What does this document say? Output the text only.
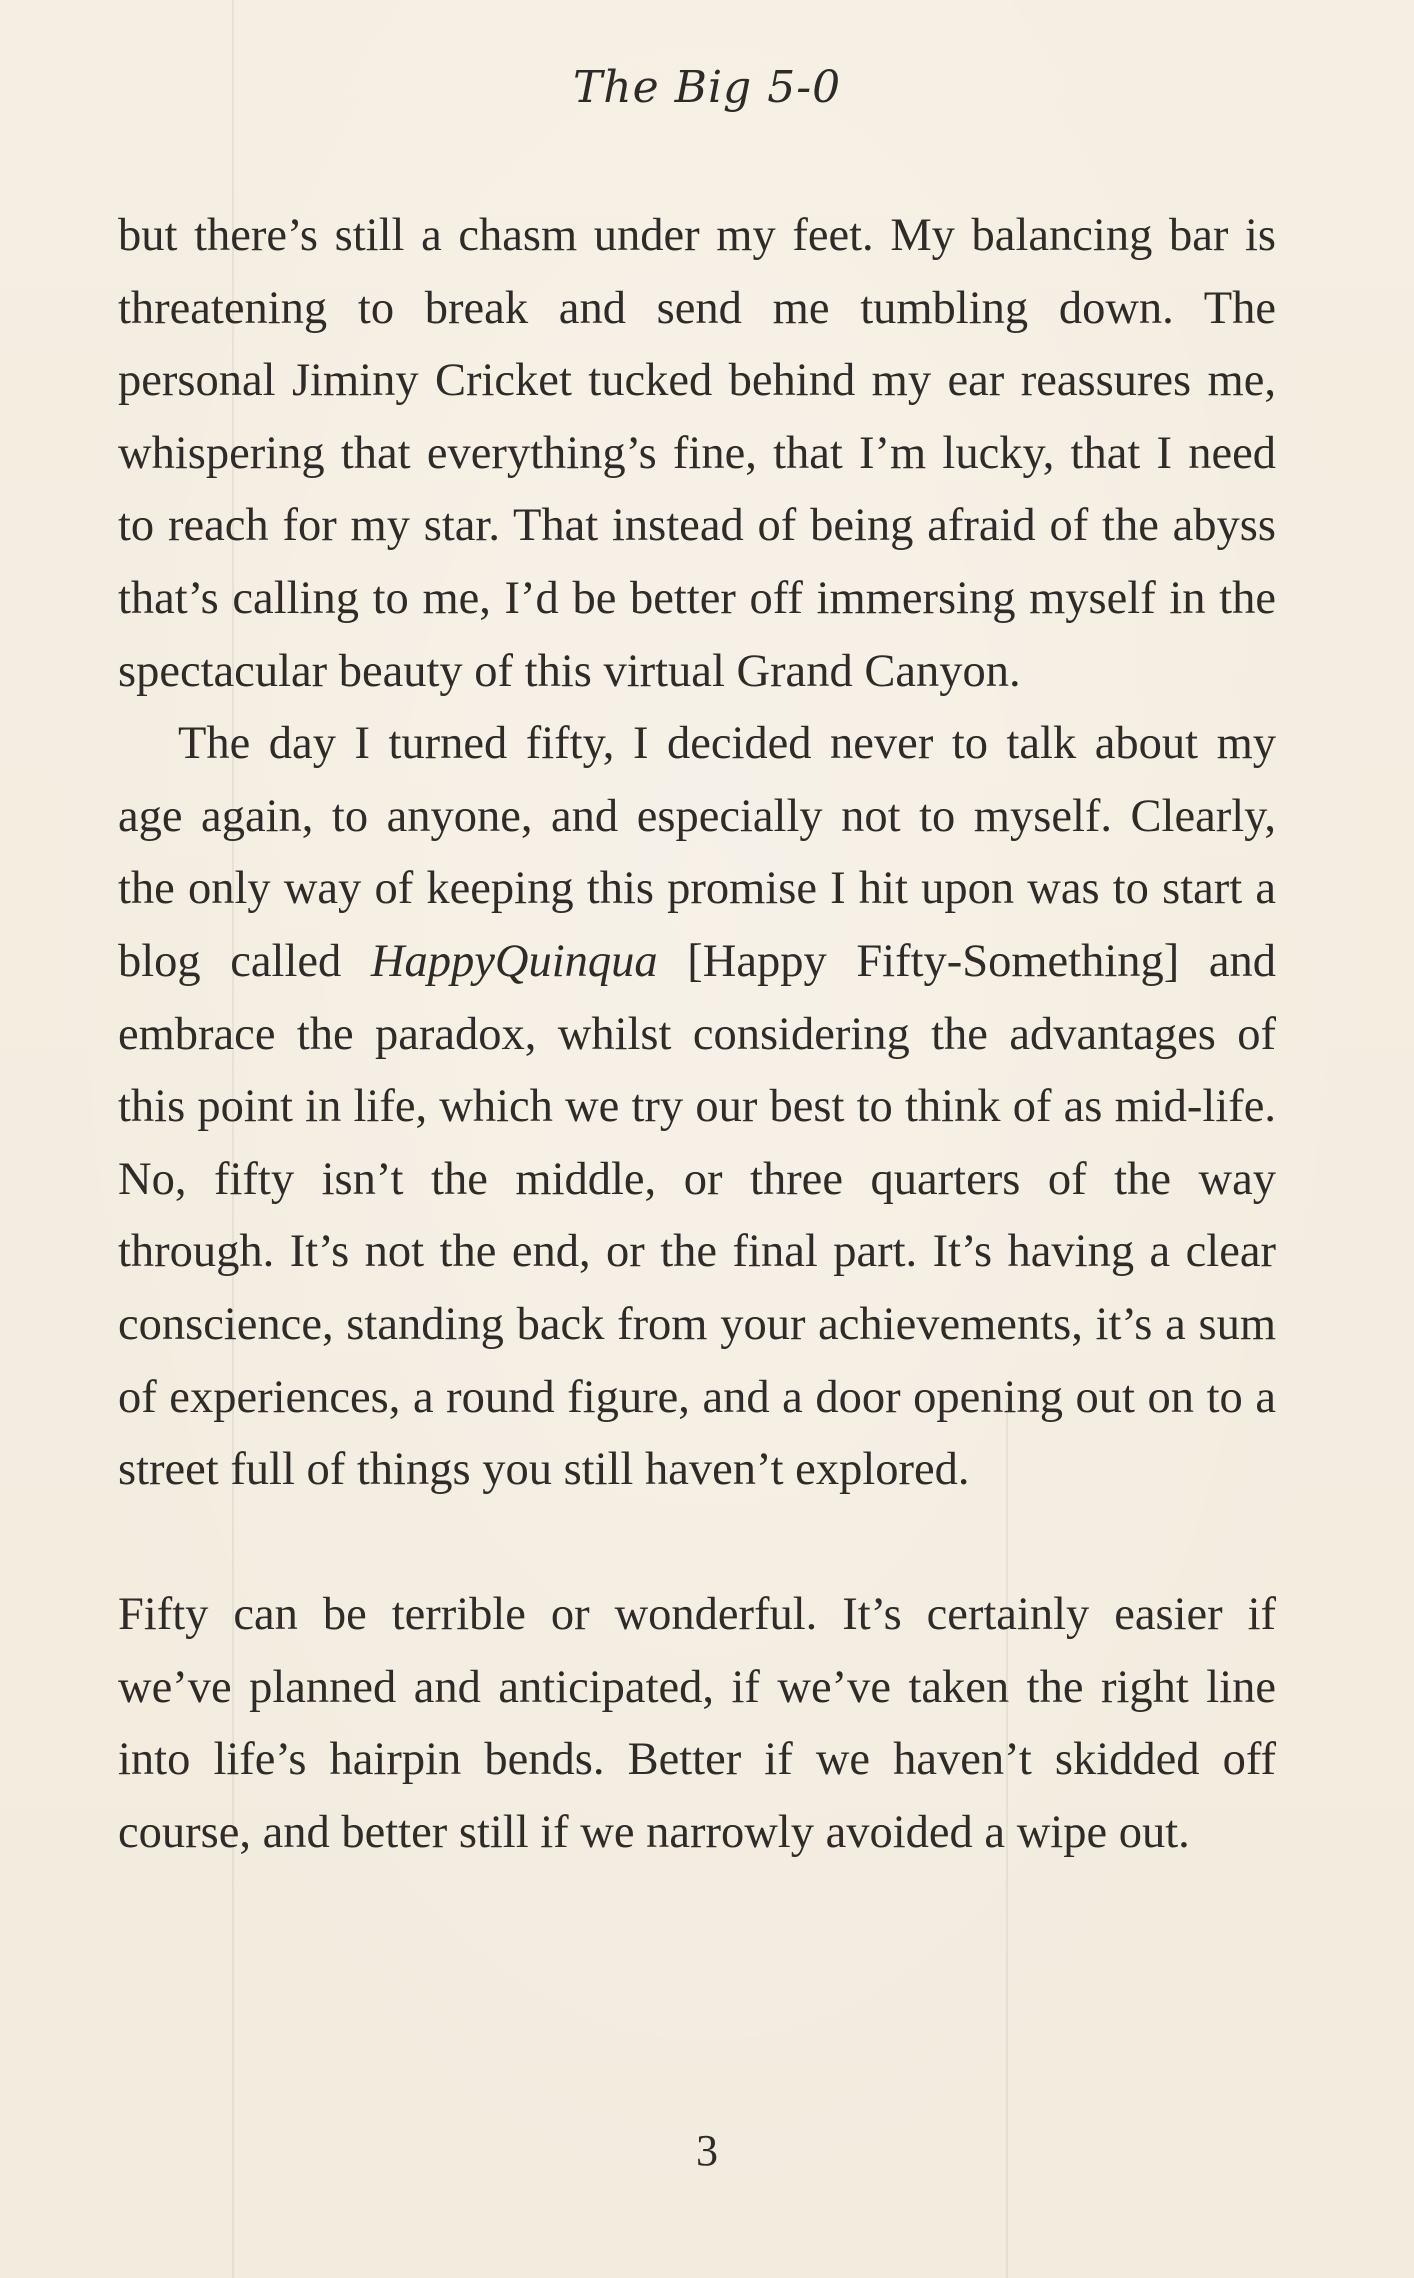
The Big 5-0

but there’s still a chasm under my feet. My balancing bar is threatening to break and send me tumbling down. The personal Jiminy Cricket tucked behind my ear reassures me, whispering that everything’s fine, that I’m lucky, that I need to reach for my star. That instead of being afraid of the abyss that’s calling to me, I’d be better off immersing myself in the spectacular beauty of this virtual Grand Canyon.

The day I turned fifty, I decided never to talk about my age again, to anyone, and especially not to myself. Clearly, the only way of keeping this promise I hit upon was to start a blog called HappyQuinqua [Happy Fifty-Something] and embrace the paradox, whilst considering the advantages of this point in life, which we try our best to think of as mid-life. No, fifty isn’t the middle, or three quarters of the way through. It’s not the end, or the final part. It’s having a clear conscience, standing back from your achievements, it’s a sum of experiences, a round figure, and a door opening out on to a street full of things you still haven’t explored.

Fifty can be terrible or wonderful. It’s certainly easier if we’ve planned and anticipated, if we’ve taken the right line into life’s hairpin bends. Better if we haven’t skidded off course, and better still if we narrowly avoided a wipe out.

3
